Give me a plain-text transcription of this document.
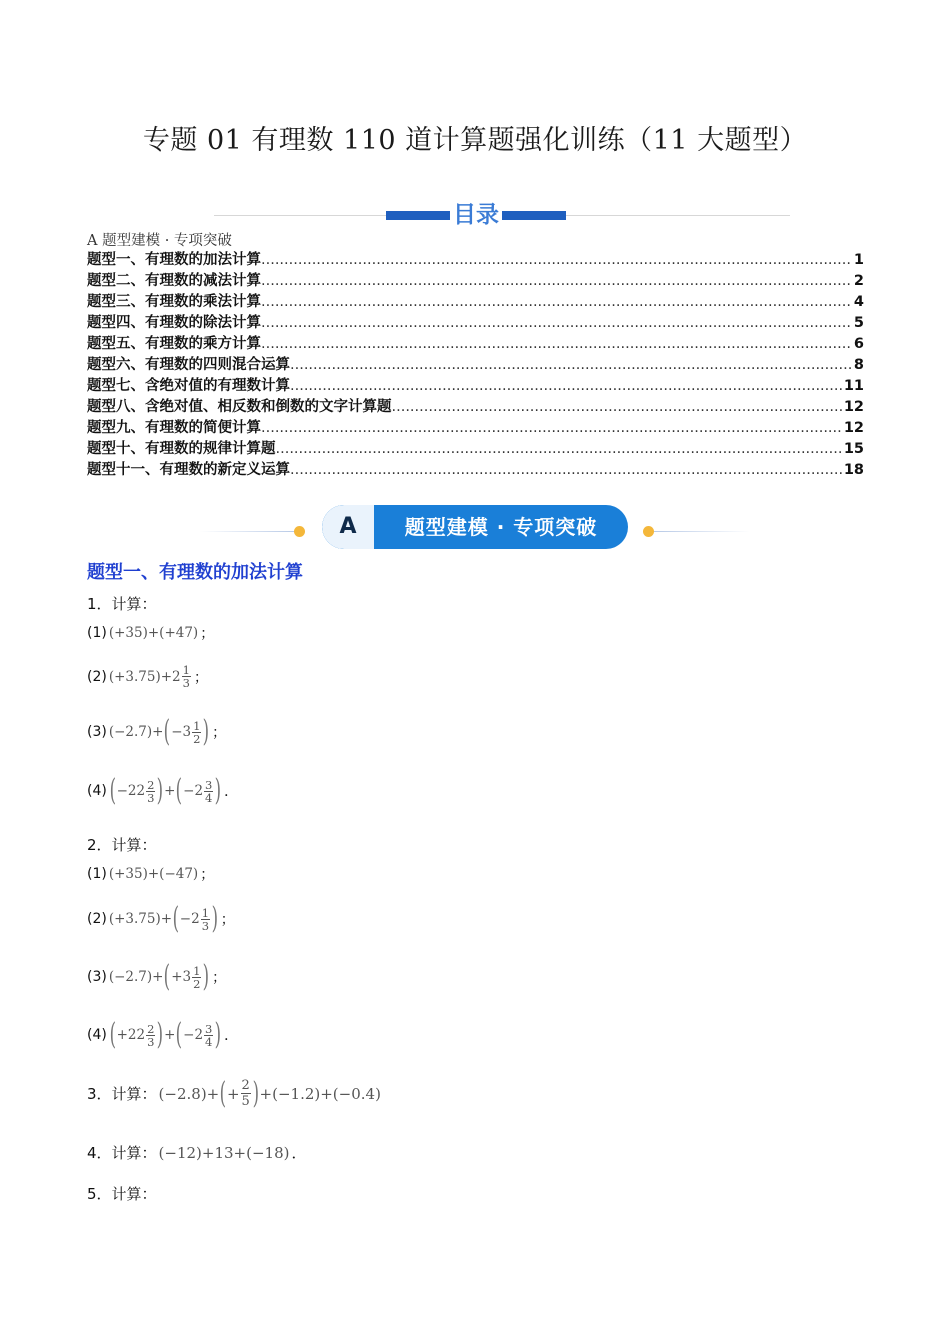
专题 01 有理数 110 道计算题强化训练（11 大题型）
目录
A 题型建模 · 专项突破
题型一、有理数的加法计算 .....	1
题型二、有理数的减法计算 .....	2
题型三、有理数的乘法计算 .....	4
题型四、有理数的除法计算 .....	5
题型五、有理数的乘方计算 .....	6
题型六、有理数的四则混合运算 .....	8
题型七、含绝对值的有理数计算 .....	11
题型八、含绝对值、相反数和倒数的文字计算题 .....	12
题型九、有理数的简便计算 .....	12
题型十、有理数的规律计算题 .....	15
题型十一、有理数的新定义运算 .....	18
A	题型建模 · 专项突破
题型一、有理数的加法计算
1．计算：
(1) (+35)+(+47) ；
(2) $(+3.75)+2 \frac{1}{3}$ ；
(3) (−2.7)+ ( $-3 \frac{1}{2}$ ) ；
(4) ( $-22 \frac{2}{3}$ ) + ( $-2 \frac{3}{4}$ ) ．
2．计算：
(1) (+35)+(−47) ；
(2) (+3.75)+ ( $-2 \frac{1}{3}$ ) ；
(3) (−2.7)+ ( $+3 \frac{1}{2}$ ) ；
(4) ( $+22 \frac{2}{3}$ ) + ( $-2 \frac{3}{4}$ ) ．
3．计算： (−2.8)+ ( + $\frac{2}{5}$ ) +(−1.2)+(−0.4)
4．计算： (−12)+13+(−18) ．
5．计算：
